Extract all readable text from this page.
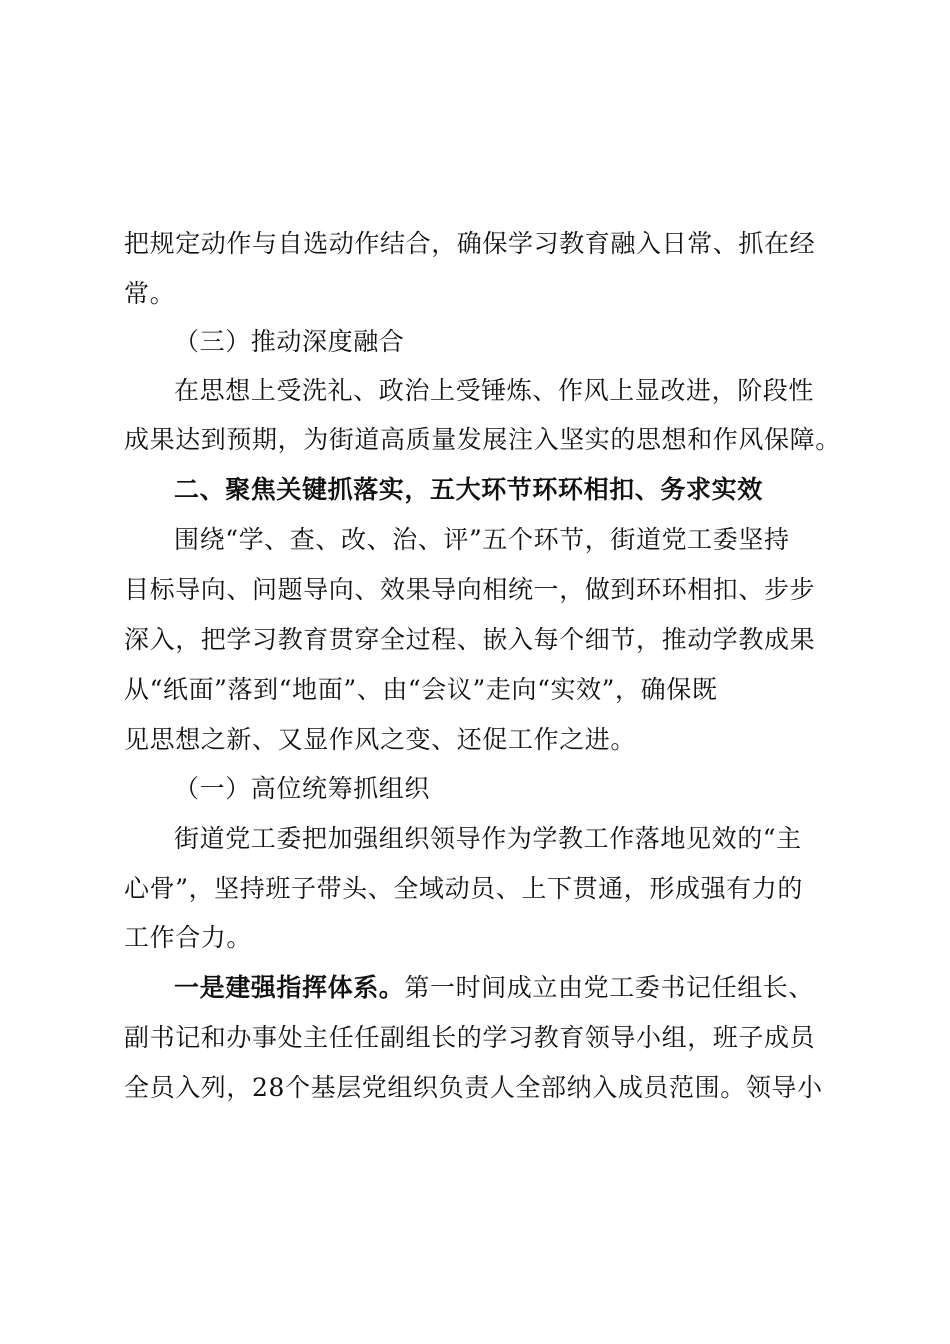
把规定动作与自选动作结合，确保学习教育融入日常、抓在经
常。
（三）推动深度融合
在思想上受洗礼、政治上受锤炼、作风上显改进，阶段性
成果达到预期，为街道高质量发展注入坚实的思想和作风保障。
二、聚焦关键抓落实，五大环节环环相扣、务求实效
围绕“学、查、改、治、评”五个环节，街道党工委坚持
目标导向、问题导向、效果导向相统一，做到环环相扣、步步
深入，把学习教育贯穿全过程、嵌入每个细节，推动学教成果
从“纸面”落到“地面”、由“会议”走向“实效”，确保既
见思想之新、又显作风之变、还促工作之进。
（一）高位统筹抓组织
街道党工委把加强组织领导作为学教工作落地见效的“主
心骨”，坚持班子带头、全域动员、上下贯通，形成强有力的
工作合力。
一是建强指挥体系。第一时间成立由党工委书记任组长、
副书记和办事处主任任副组长的学习教育领导小组，班子成员
全员入列，28个基层党组织负责人全部纳入成员范围。领导小
